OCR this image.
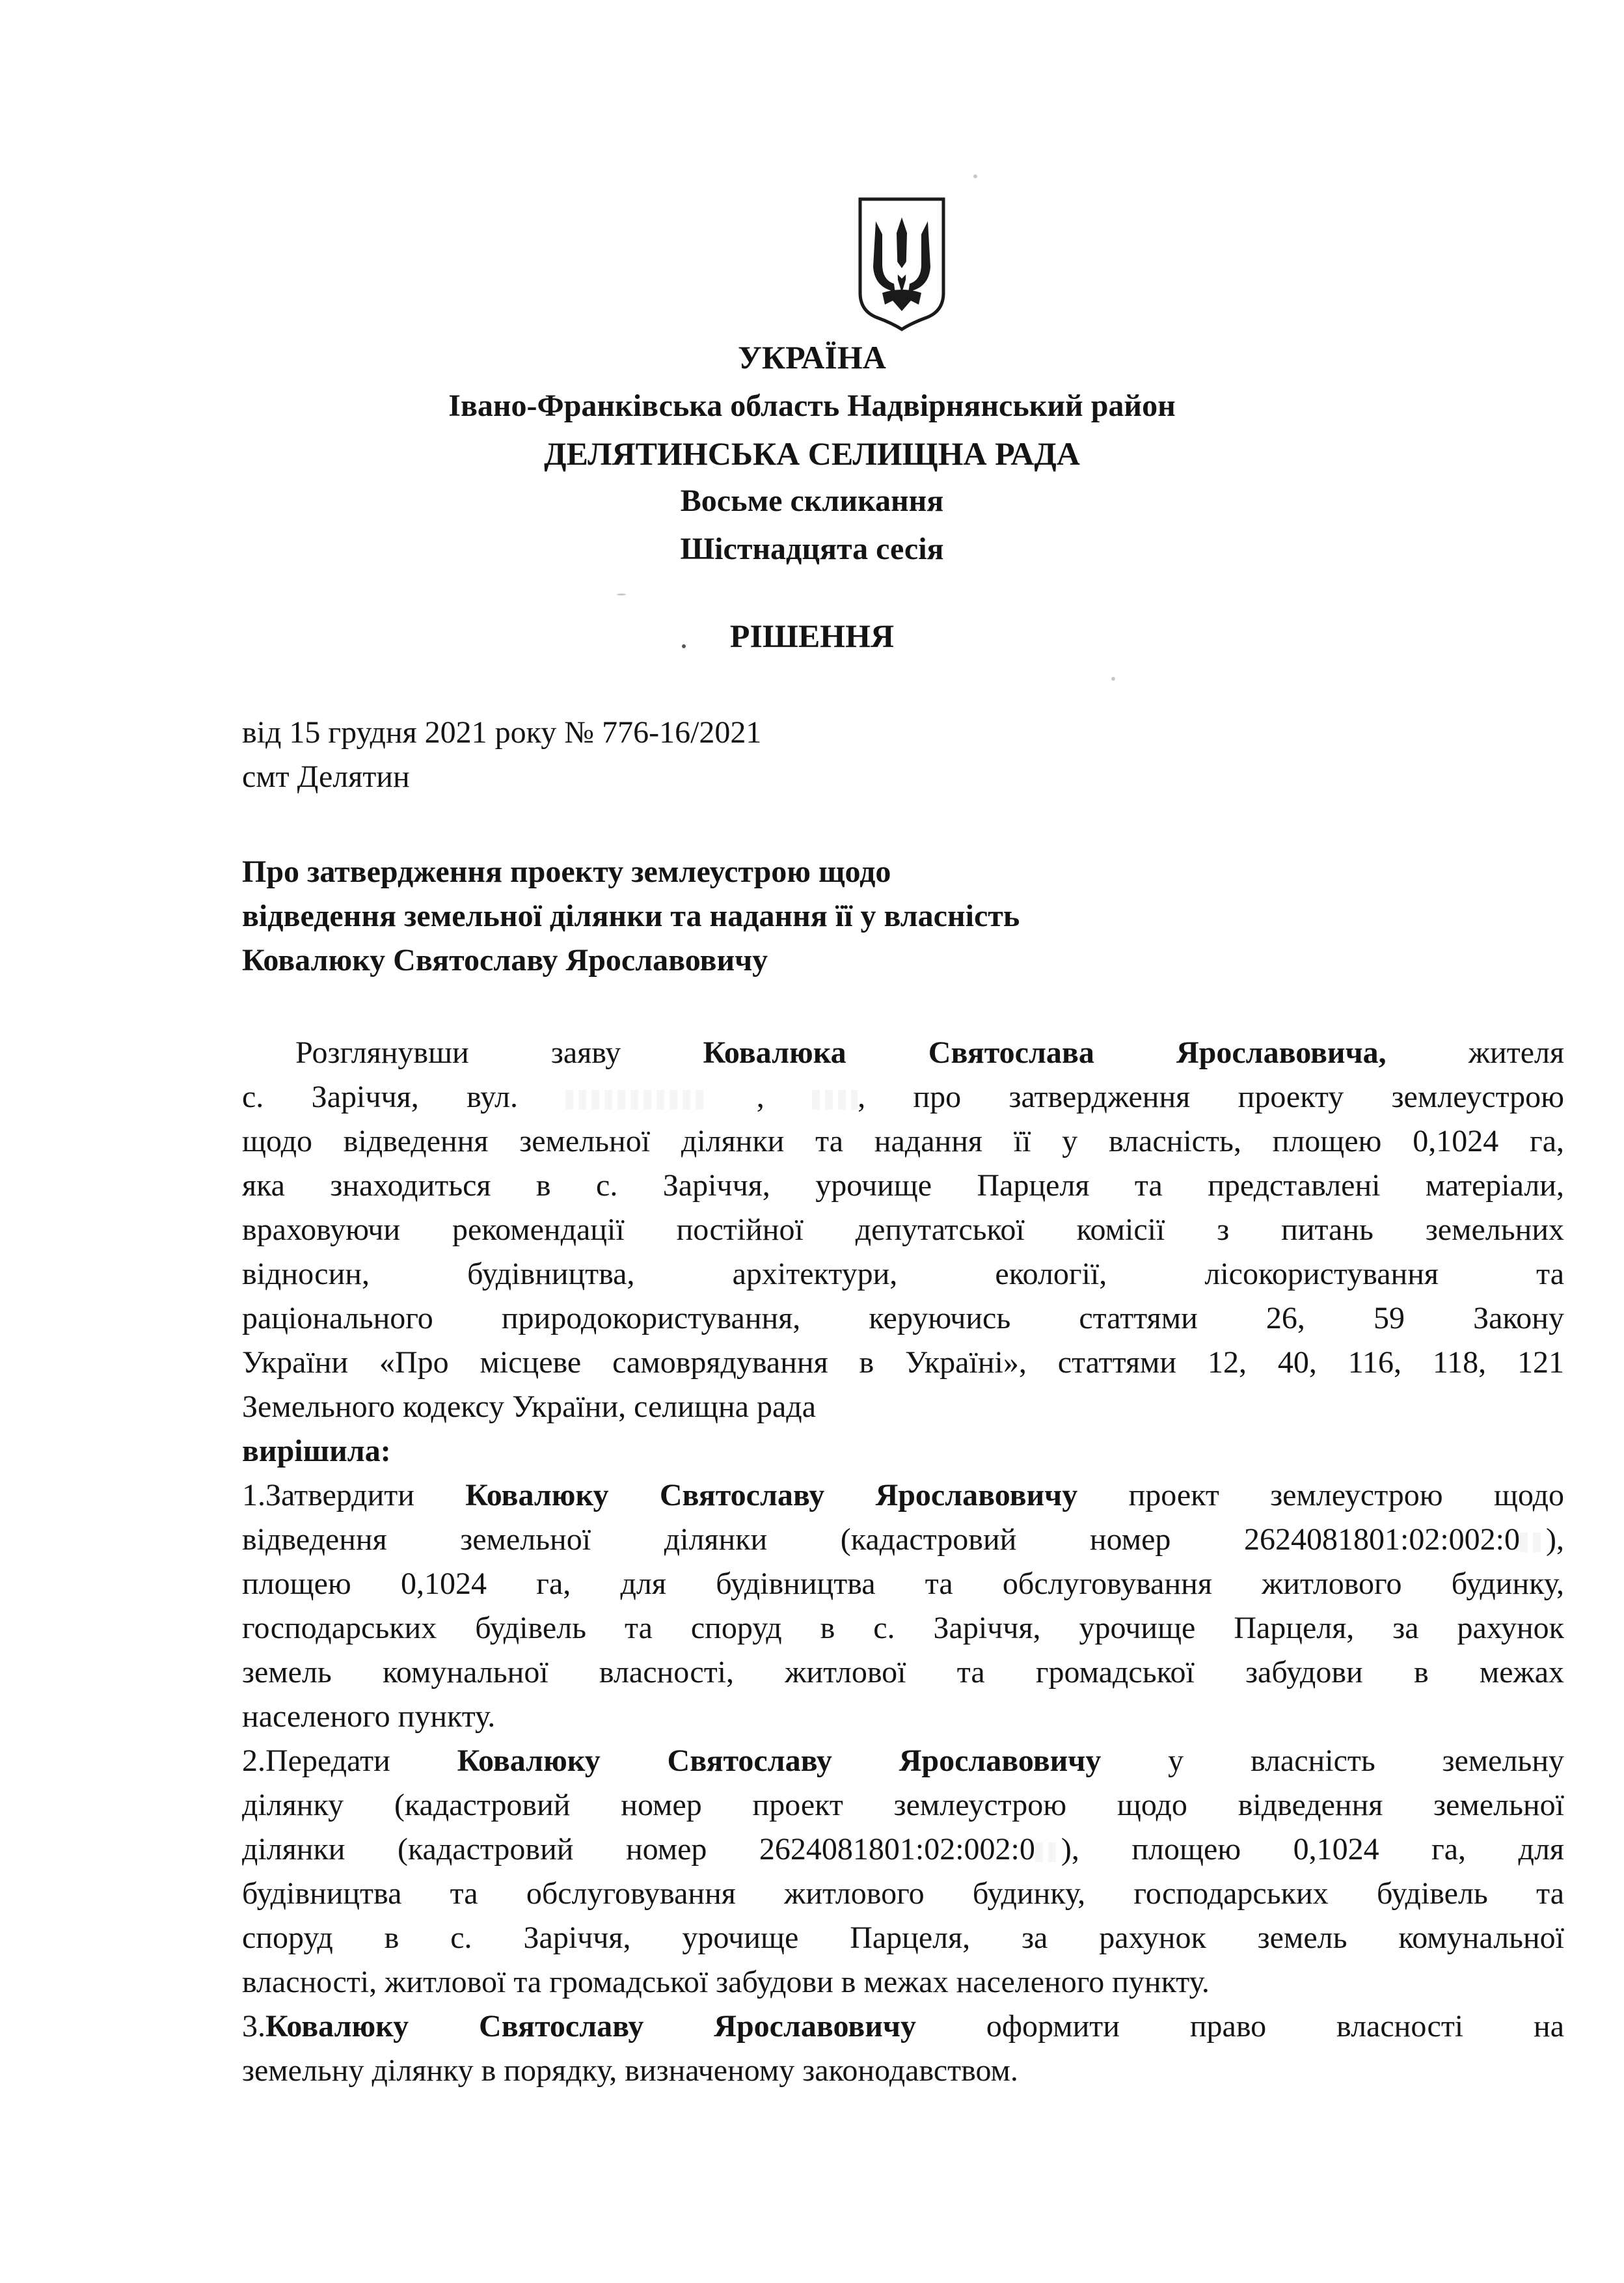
УКРАЇНА
Івано-Франківська область Надвірнянський район
ДЕЛЯТИНСЬКА СЕЛИЩНА РАДА
Восьме скликання
Шістнадцята сесія
РІШЕННЯ
від 15 грудня 2021 року № 776-16/2021
смт Делятин
Про затвердження проекту землеустрою щодо
відведення земельної ділянки та надання її у власність
Ковалюку Святославу Ярославовичу
Розглянувши заяву	Ковалюка Святослава Ярославовича,	жителя
с. Заріччя, вул.	,	, про затвердження проекту землеустрою
щодо відведення земельної ділянки та надання її у власність, площею 0,1024 га,
яка знаходиться в с. Заріччя, урочище Парцеля та представлені матеріали,
враховуючи рекомендації постійної депутатської комісії з питань земельних
відносин, будівництва, архітектури, екології, лісокористування та
раціонального природокористування, керуючись статтями 26, 59 Закону
України «Про місцеве самоврядування в Україні», статтями 12, 40, 116, 118, 121
Земельного кодексу України, селищна рада
вирішила:
1.Затвердити Ковалюку Святославу Ярославовичу проект землеустрою щодо
відведення земельної ділянки (кадастровий номер 2624081801:02:002:0 ),
площею 0,1024 га, для будівництва та обслуговування житлового будинку,
господарських будівель та споруд в с. Заріччя, урочище Парцеля, за рахунок
земель комунальної власності, житлової та громадської забудови в межах
населеного пункту.
2.Передати Ковалюку Святославу Ярославовичу у власність земельну
ділянку (кадастровий номер проект землеустрою щодо відведення земельної
ділянки (кадастровий номер 2624081801:02:002:0 ), площею 0,1024 га, для
будівництва та обслуговування житлового будинку, господарських будівель та
споруд в с. Заріччя, урочище Парцеля, за рахунок земель комунальної
власності, житлової та громадської забудови в межах населеного пункту.
3.Ковалюку Святославу Ярославовичу оформити право власності на
земельну ділянку в порядку, визначеному законодавством.
